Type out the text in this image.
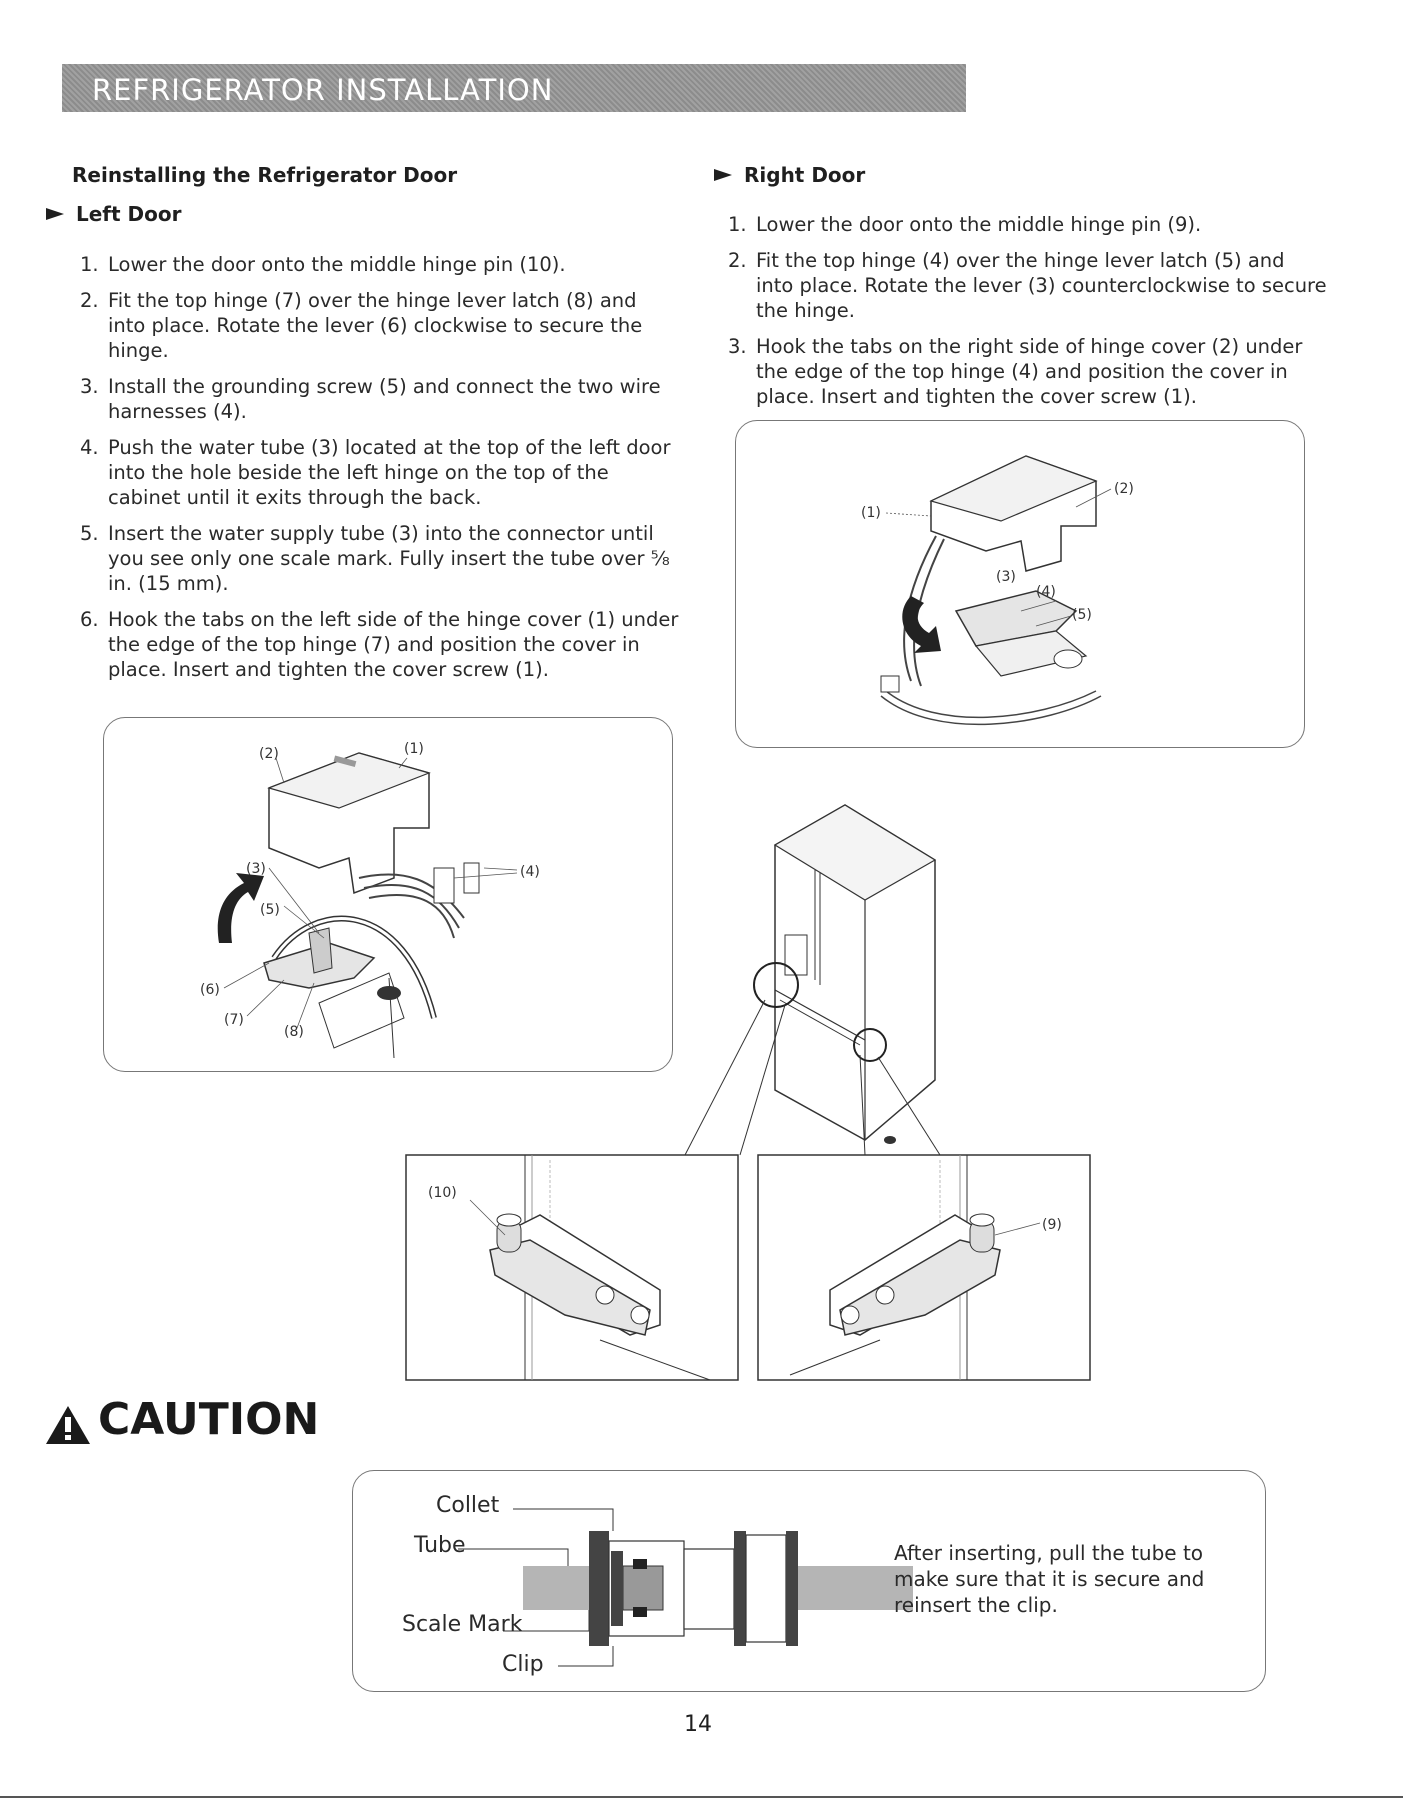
REFRIGERATOR INSTALLATION
Reinstalling the Refrigerator Door
Left Door
1. Lower the door onto the middle hinge pin (10).
2. Fit the top hinge (7) over the hinge lever latch (8) and into place. Rotate the lever (6) clockwise to secure the hinge.
3. Install the grounding screw (5) and connect the two wire harnesses (4).
4. Push the water tube (3) located at the top of the left door into the hole beside the left hinge on the top of the cabinet until it exits through the back.
5. Insert the water supply tube (3) into the connector until you see only one scale mark. Fully insert the tube over ⁵⁄₈ in. (15 mm).
6. Hook the tabs on the left side of the hinge cover (1) under the edge of the top hinge (7) and position the cover in place. Insert and tighten the cover screw (1).
(2)	(1)
(3)
(5)
(4)
(6)
(7)
(8)
Right Door
1. Lower the door onto the middle hinge pin (9).
2. Fit the top hinge (4) over the hinge lever latch (5) and into place. Rotate the lever (3) counterclockwise to secure the hinge.
3. Hook the tabs on the right side of hinge cover (2) under the edge of the top hinge (4) and position the cover in place. Insert and tighten the cover screw (1).
(1)
(2)
(3)
(4)
(5)
(10)
(9)
CAUTION
Collet
Tube
Scale Mark
Clip
After inserting, pull the tube to make sure that it is secure and reinsert the clip.
14
